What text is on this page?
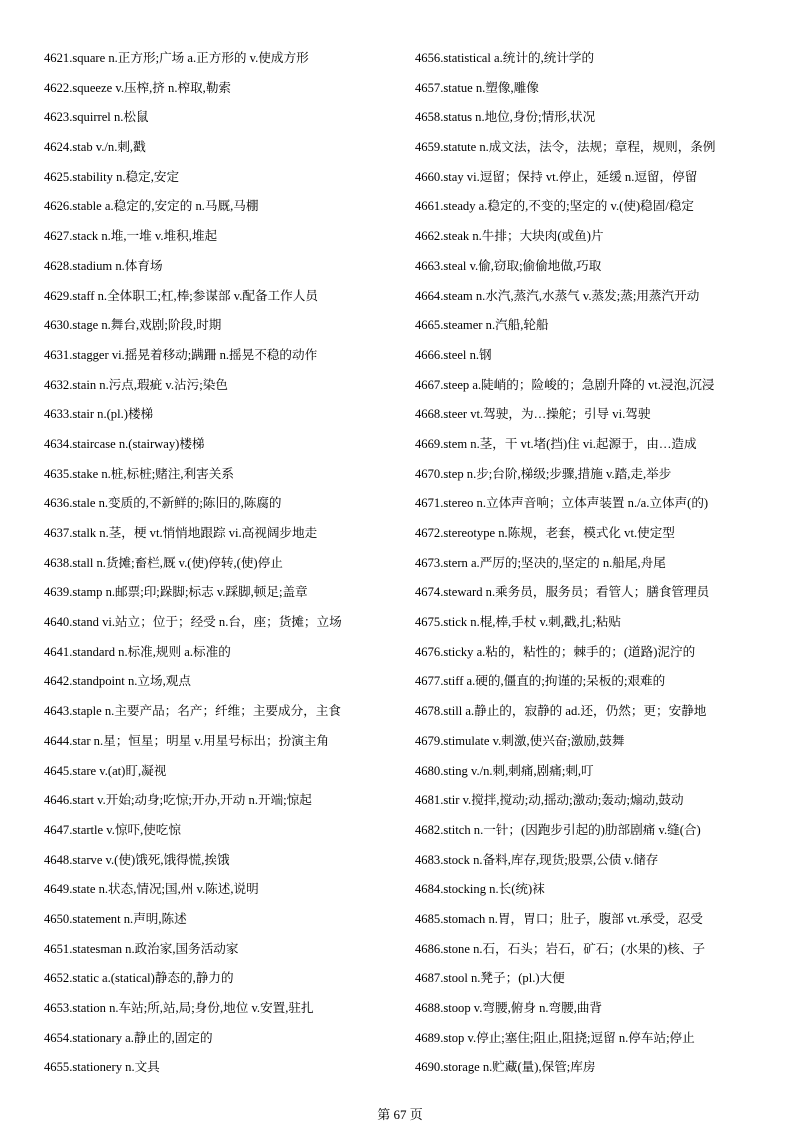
4621.square n.正方形;广场 a.正方形的 v.使成方形
4622.squeeze v.压榨,挤 n.榨取,勒索
4623.squirrel n.松鼠
4624.stab v./n.刺,戳
4625.stability n.稳定,安定
4626.stable a.稳定的,安定的 n.马厩,马棚
4627.stack n.堆,一堆 v.堆积,堆起
4628.stadium n.体育场
4629.staff n.全体职工;杠,棒;参谋部 v.配备工作人员
4630.stage n.舞台,戏剧;阶段,时期
4631.stagger vi.摇晃着移动;蹒跚 n.摇晃不稳的动作
4632.stain n.污点,瑕疵 v.沾污;染色
4633.stair n.(pl.)楼梯
4634.staircase n.(stairway)楼梯
4635.stake n.桩,标桩;赌注,利害关系
4636.stale n.变质的,不新鲜的;陈旧的,陈腐的
4637.stalk n.茎，梗 vt.悄悄地跟踪 vi.高视阔步地走
4638.stall n.货摊;畜栏,厩 v.(使)停转,(使)停止
4639.stamp n.邮票;印;跺脚;标志 v.踩脚,顿足;盖章
4640.stand vi.站立；位于；经受 n.台，座；货摊；立场
4641.standard n.标准,规则 a.标准的
4642.standpoint n.立场,观点
4643.staple n.主要产品；名产；纤维；主要成分，主食
4644.star n.星；恒星；明星 v.用星号标出；扮演主角
4645.stare v.(at)盯,凝视
4646.start v.开始;动身;吃惊;开办,开动 n.开端;惊起
4647.startle v.惊吓,使吃惊
4648.starve v.(使)饿死,饿得慌,挨饿
4649.state n.状态,情况;国,州 v.陈述,说明
4650.statement n.声明,陈述
4651.statesman n.政治家,国务活动家
4652.static a.(statical)静态的,静力的
4653.station n.车站;所,站,局;身份,地位 v.安置,驻扎
4654.stationary a.静止的,固定的
4655.stationery n.文具
4656.statistical a.统计的,统计学的
4657.statue n.塑像,雕像
4658.status n.地位,身份;情形,状况
4659.statute n.成文法，法令，法规；章程，规则，条例
4660.stay vi.逗留；保持 vt.停止，延缓 n.逗留，停留
4661.steady a.稳定的,不变的;坚定的 v.(使)稳固/稳定
4662.steak n.牛排；大块肉(或鱼)片
4663.steal v.偷,窃取;偷偷地做,巧取
4664.steam n.水汽,蒸汽,水蒸气 v.蒸发;蒸;用蒸汽开动
4665.steamer n.汽船,轮船
4666.steel n.钢
4667.steep a.陡峭的；险峻的；急剧升降的 vt.浸泡,沉浸
4668.steer vt.驾驶，为…操舵；引导 vi.驾驶
4669.stem n.茎，干 vt.堵(挡)住 vi.起源于，由…造成
4670.step n.步;台阶,梯级;步骤,措施 v.踏,走,举步
4671.stereo n.立体声音响；立体声装置 n./a.立体声(的)
4672.stereotype n.陈规，老套，模式化 vt.使定型
4673.stern a.严厉的;坚决的,坚定的 n.船尾,舟尾
4674.steward n.乘务员，服务员；看管人；膳食管理员
4675.stick n.棍,棒,手杖 v.刺,戳,扎;粘贴
4676.sticky a.粘的，粘性的；棘手的；(道路)泥泞的
4677.stiff a.硬的,僵直的;拘谨的;呆板的;艰难的
4678.still a.静止的，寂静的 ad.还，仍然；更；安静地
4679.stimulate v.刺激,使兴奋;激励,鼓舞
4680.sting v./n.刺,刺痛,剧痛;刺,叮
4681.stir v.搅拌,搅动;动,摇动;激动;轰动;煽动,鼓动
4682.stitch n.一针；(因跑步引起的)肋部剧痛 v.缝(合)
4683.stock n.备料,库存,现货;股票,公债 v.储存
4684.stocking n.长(统)袜
4685.stomach n.胃，胃口；肚子，腹部 vt.承受，忍受
4686.stone n.石，石头；岩石，矿石；(水果的)核、子
4687.stool n.凳子；(pl.)大便
4688.stoop v.弯腰,俯身 n.弯腰,曲背
4689.stop v.停止;塞住;阻止,阻挠;逗留 n.停车站;停止
4690.storage n.贮藏(量),保管;库房
第 67 页
